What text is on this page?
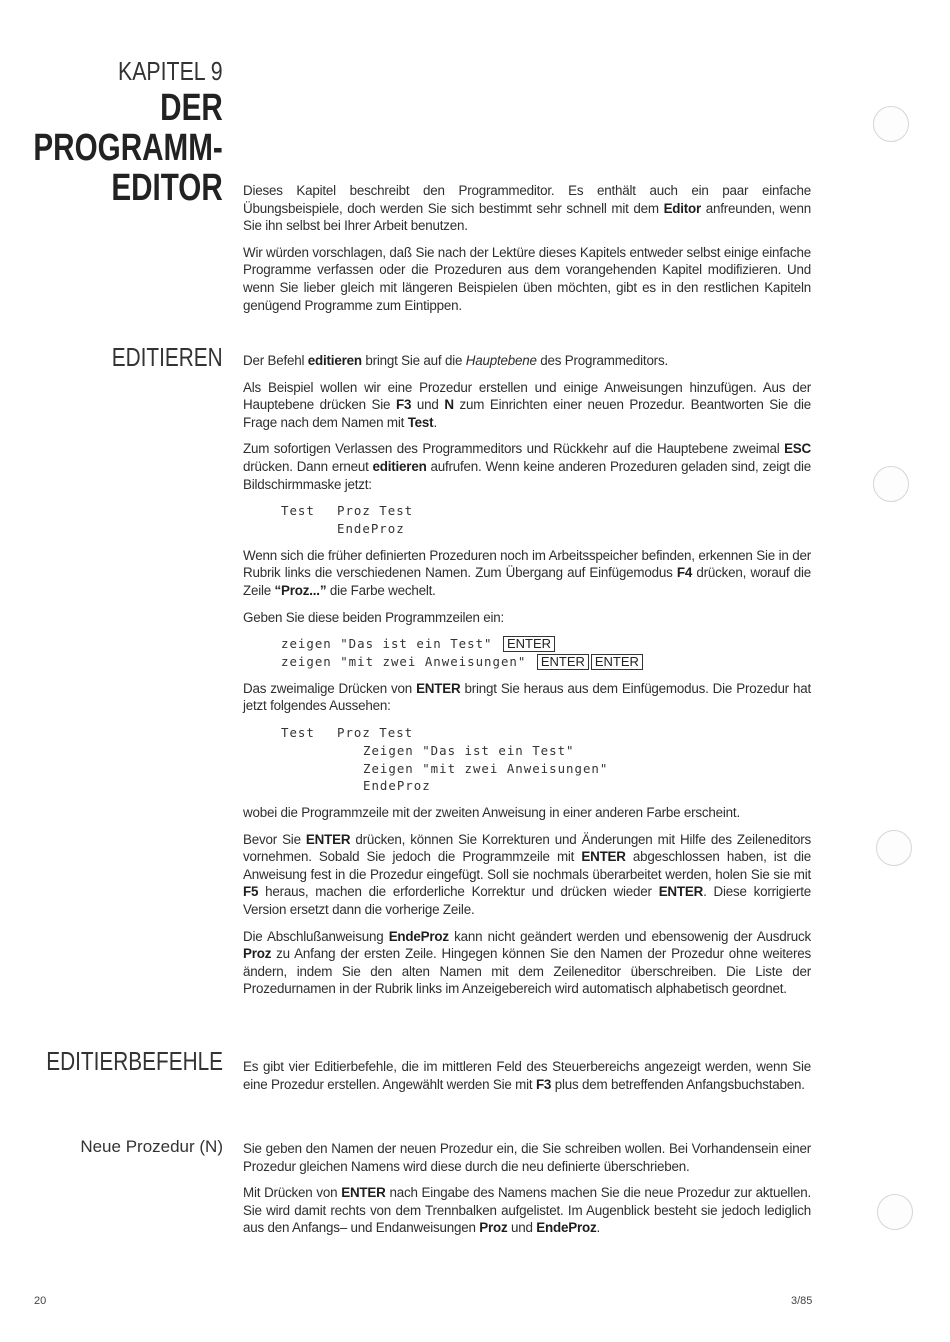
KAPITEL 9
DER
PROGRAMM-
EDITOR Dieses Kapitel beschreibt den Programmeditor. Es enthält auch ein paar einfache Übungsbeispiele, doch werden Sie sich bestimmt sehr schnell mit dem Editor anfreunden, wenn Sie ihn selbst bei Ihrer Arbeit benutzen.

Wir würden vorschlagen, daß Sie nach der Lektüre dieses Kapitels entweder selbst einige einfache Programme verfassen oder die Prozeduren aus dem vorangehenden Kapitel modifizieren. Und wenn Sie lieber gleich mit längeren Beispielen üben möchten, gibt es in den restlichen Kapiteln genügend Programme zum Eintippen.

EDITIEREN Der Befehl editieren bringt Sie auf die Hauptebene des Programmeditors.

Als Beispiel wollen wir eine Prozedur erstellen und einige Anweisungen hinzufügen. Aus der Hauptebene drücken Sie F3 und N zum Einrichten einer neuen Prozedur. Beantworten Sie die Frage nach dem Namen mit Test.

Zum sofortigen Verlassen des Programmeditors und Rückkehr auf die Hauptebene zweimal ESC drücken. Dann erneut editieren aufrufen. Wenn keine anderen Prozeduren geladen sind, zeigt die Bildschirmmaske jetzt:

Test Proz Test
EndeProz

Wenn sich die früher definierten Prozeduren noch im Arbeitsspeicher befinden, erkennen Sie in der Rubrik links die verschiedenen Namen. Zum Übergang auf Einfügemodus F4 drücken, worauf die Zeile “Proz...” die Farbe wechelt.

Geben Sie diese beiden Programmzeilen ein:

zeigen "Das ist ein Test" ENTER
zeigen "mit zwei Anweisungen" ENTER ENTER

Das zweimalige Drücken von ENTER bringt Sie heraus aus dem Einfügemodus. Die Prozedur hat jetzt folgendes Aussehen:

Test Proz Test
Zeigen "Das ist ein Test"
Zeigen "mit zwei Anweisungen"
EndeProz

wobei die Programmzeile mit der zweiten Anweisung in einer anderen Farbe erscheint.

Bevor Sie ENTER drücken, können Sie Korrekturen und Änderungen mit Hilfe des Zeileneditors vornehmen. Sobald Sie jedoch die Programmzeile mit ENTER abgeschlossen haben, ist die Anweisung fest in die Prozedur eingefügt. Soll sie nochmals überarbeitet werden, holen Sie sie mit F5 heraus, machen die erforderliche Korrektur und drücken wieder ENTER. Diese korrigierte Version ersetzt dann die vorherige Zeile.

Die Abschlußanweisung EndeProz kann nicht geändert werden und ebensowenig der Ausdruck Proz zu Anfang der ersten Zeile. Hingegen können Sie den Namen der Prozedur ohne weiteres ändern, indem Sie den alten Namen mit dem Zeileneditor überschreiben. Die Liste der Prozedurnamen in der Rubrik links im Anzeigebereich wird automatisch alphabetisch geordnet.

EDITIERBEFEHLE Es gibt vier Editierbefehle, die im mittleren Feld des Steuerbereichs angezeigt werden, wenn Sie eine Prozedur erstellen. Angewählt werden Sie mit F3 plus dem betreffenden Anfangsbuchstaben.

Neue Prozedur (N) Sie geben den Namen der neuen Prozedur ein, die Sie schreiben wollen. Bei Vorhandensein einer Prozedur gleichen Namens wird diese durch die neu definierte überschrieben.

Mit Drücken von ENTER nach Eingabe des Namens machen Sie die neue Prozedur zur aktuellen. Sie wird damit rechts von dem Trennbalken aufgelistet. Im Augenblick besteht sie jedoch lediglich aus den Anfangs– und Endanweisungen Proz und EndeProz.

20	3/85
